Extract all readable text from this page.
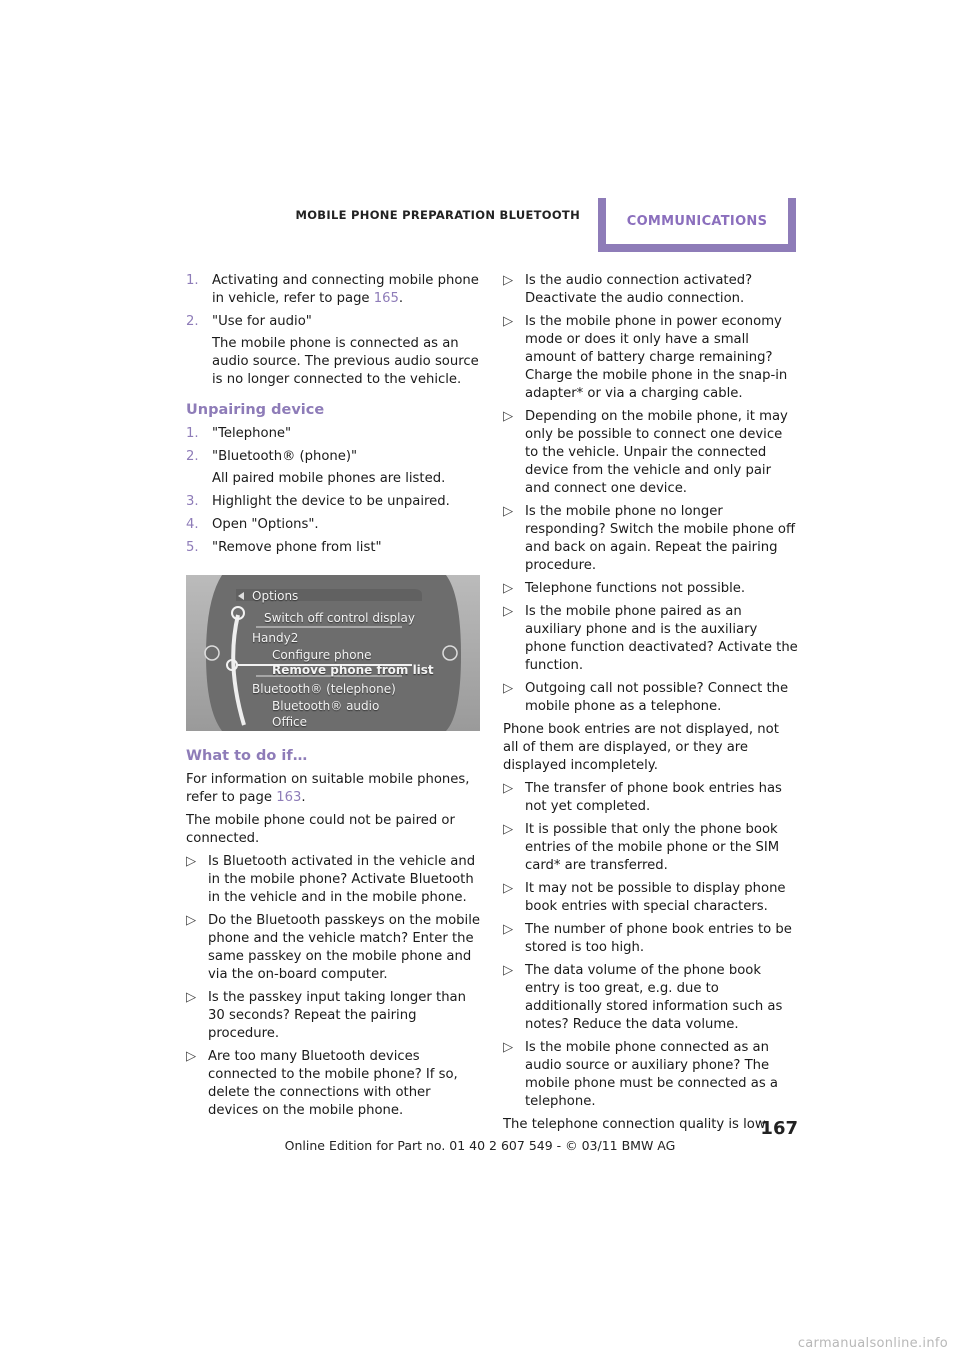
MOBILE PHONE PREPARATION BLUETOOTH	COMMUNICATIONS
1. Activating and connecting mobile phone in vehicle, refer to page 165.
2. "Use for audio"
The mobile phone is connected as an audio source. The previous audio source is no longer connected to the vehicle.
Unpairing device
1. "Telephone"
2. "Bluetooth® (phone)"
All paired mobile phones are listed.
3. Highlight the device to be unpaired.
4. Open "Options".
5. "Remove phone from list"
Options
Switch off control display
Handy2
Configure phone
Remove phone from list
Bluetooth® (telephone)
Bluetooth® audio
Office
What to do if…
For information on suitable mobile phones, refer to page 163.
The mobile phone could not be paired or connected.
▷ Is Bluetooth activated in the vehicle and in the mobile phone? Activate Bluetooth in the vehicle and in the mobile phone.
▷ Do the Bluetooth passkeys on the mobile phone and the vehicle match? Enter the same passkey on the mobile phone and via the on-board computer.
▷ Is the passkey input taking longer than 30 seconds? Repeat the pairing procedure.
▷ Are too many Bluetooth devices connected to the mobile phone? If so, delete the connections with other devices on the mobile phone.
▷ Is the audio connection activated? Deactivate the audio connection.
▷ Is the mobile phone in power economy mode or does it only have a small amount of battery charge remaining? Charge the mobile phone in the snap-in adapter* or via a charging cable.
▷ Depending on the mobile phone, it may only be possible to connect one device to the vehicle. Unpair the connected device from the vehicle and only pair and connect one device.
▷ Is the mobile phone no longer responding? Switch the mobile phone off and back on again. Repeat the pairing procedure.
▷ Telephone functions not possible.
▷ Is the mobile phone paired as an auxiliary phone and is the auxiliary phone function deactivated? Activate the function.
▷ Outgoing call not possible? Connect the mobile phone as a telephone.
Phone book entries are not displayed, not all of them are displayed, or they are displayed incompletely.
▷ The transfer of phone book entries has not yet completed.
▷ It is possible that only the phone book entries of the mobile phone or the SIM card* are transferred.
▷ It may not be possible to display phone book entries with special characters.
▷ The number of phone book entries to be stored is too high.
▷ The data volume of the phone book entry is too great, e.g. due to additionally stored information such as notes? Reduce the data volume.
▷ Is the mobile phone connected as an audio source or auxiliary phone? The mobile phone must be connected as a telephone.
The telephone connection quality is low.
167
Online Edition for Part no. 01 40 2 607 549 - © 03/11 BMW AG
carmanualsonline.info
